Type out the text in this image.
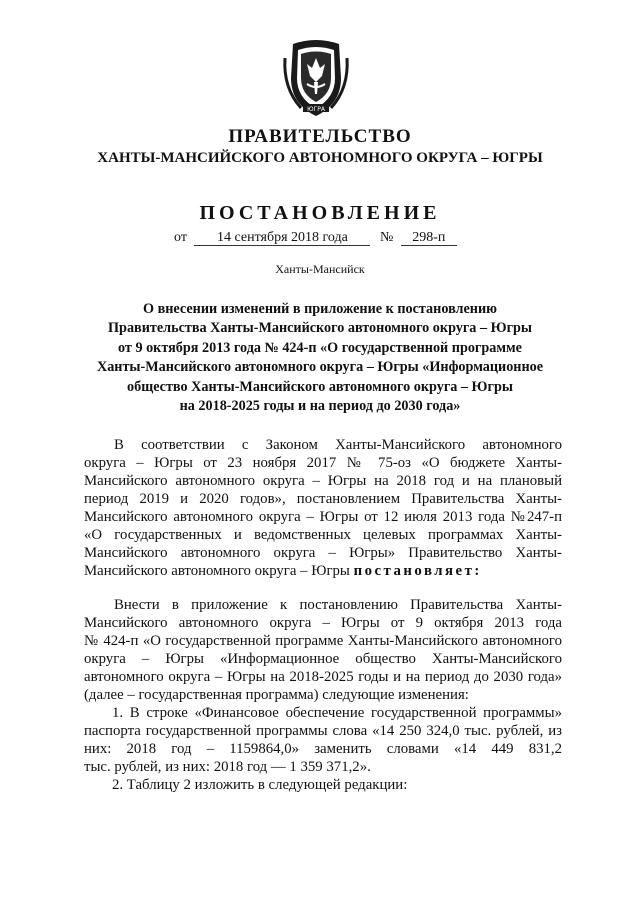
ЮГРА
ПРАВИТЕЛЬСТВО
ХАНТЫ-МАНСИЙСКОГО АВТОНОМНОГО ОКРУГА – ЮГРЫ
ПОСТАНОВЛЕНИЕ
от 14 сентября 2018 года № 298-п
Ханты-Мансийск
О внесении изменений в приложение к постановлению
Правительства Ханты-Мансийского автономного округа – Югры
от 9 октября 2013 года № 424-п «О государственной программе
Ханты-Мансийского автономного округа – Югры «Информационное
общество Ханты-Мансийского автономного округа – Югры
на 2018-2025 годы и на период до 2030 года»
В соответствии с Законом Ханты-Мансийского автономного
округа – Югры от 23 ноября 2017 № 75-оз «О бюджете Ханты-
Мансийского автономного округа – Югры на 2018 год и на плановый
период 2019 и 2020 годов», постановлением Правительства Ханты-
Мансийского автономного округа – Югры от 12 июля 2013 года №247-п
«О государственных и ведомственных целевых программах Ханты-
Мансийского автономного округа – Югры» Правительство Ханты-
Мансийского автономного округа – Югры постановляет:
Внести в приложение к постановлению Правительства Ханты-
Мансийского автономного округа – Югры от 9 октября 2013 года
№ 424-п «О государственной программе Ханты-Мансийского автономного
округа – Югры «Информационное общество Ханты-Мансийского
автономного округа – Югры на 2018-2025 годы и на период до 2030 года»
(далее – государственная программа) следующие изменения:
1. В строке «Финансовое обеспечение государственной программы»
паспорта государственной программы слова «14 250 324,0 тыс. рублей, из
них: 2018 год – 1159864,0» заменить словами «14 449 831,2
тыс. рублей, из них: 2018 год — 1 359 371,2».
2. Таблицу 2 изложить в следующей редакции:
